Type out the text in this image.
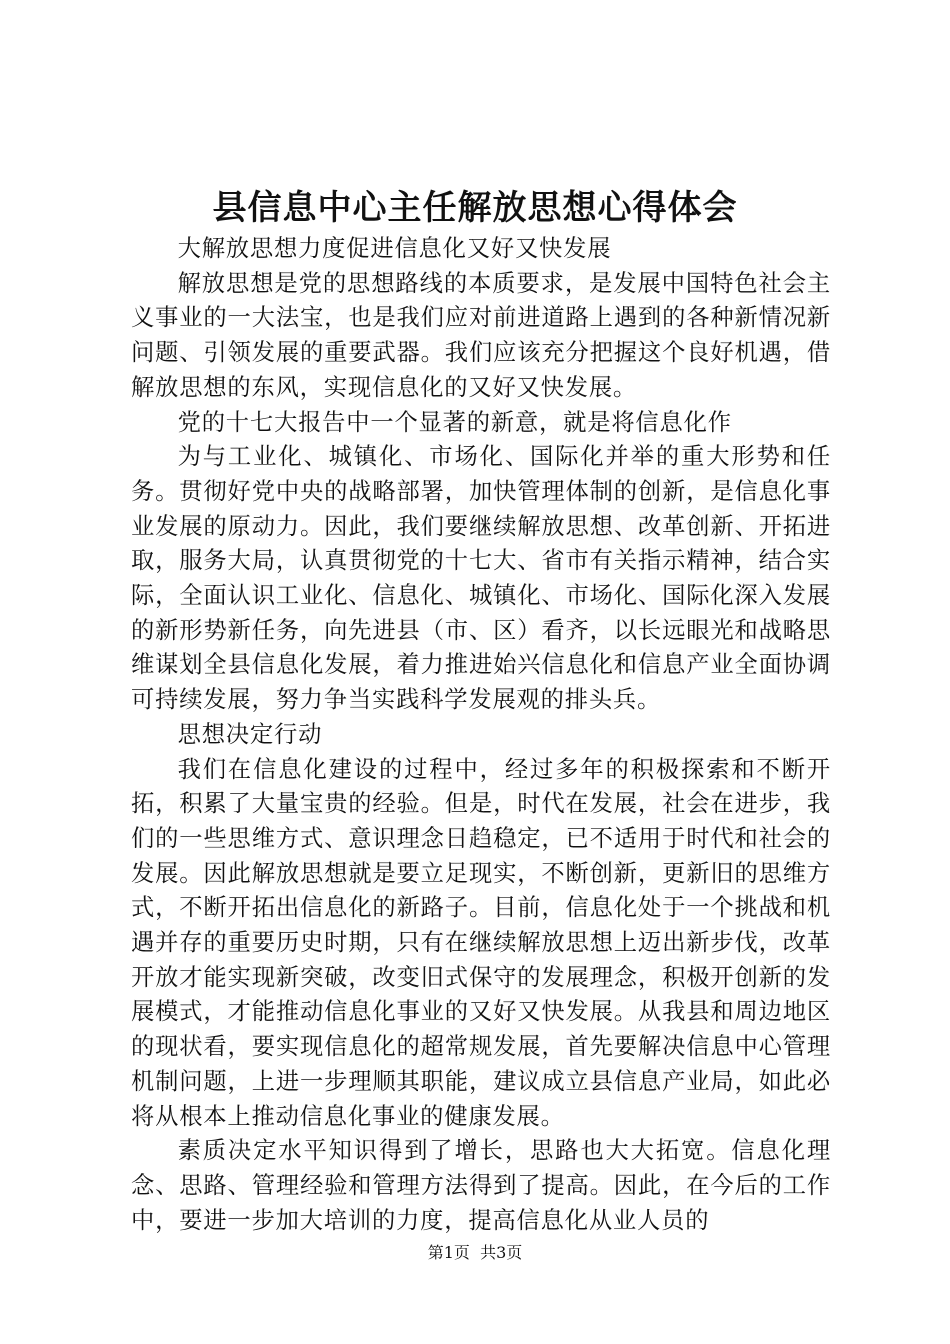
县信息中心主任解放思想心得体会

大解放思想力度促进信息化又好又快发展

解放思想是党的思想路线的本质要求，是发展中国特色社会主义事业的一大法宝，也是我们应对前进道路上遇到的各种新情况新问题、引领发展的重要武器。我们应该充分把握这个良好机遇，借解放思想的东风，实现信息化的又好又快发展。

党的十七大报告中一个显著的新意，就是将信息化作

为与工业化、城镇化、市场化、国际化并举的重大形势和任务。贯彻好党中央的战略部署，加快管理体制的创新，是信息化事业发展的原动力。因此，我们要继续解放思想、改革创新、开拓进取，服务大局，认真贯彻党的十七大、省市有关指示精神，结合实际，全面认识工业化、信息化、城镇化、市场化、国际化深入发展的新形势新任务，向先进县（市、区）看齐，以长远眼光和战略思维谋划全县信息化发展，着力推进始兴信息化和信息产业全面协调可持续发展，努力争当实践科学发展观的排头兵。

思想决定行动

我们在信息化建设的过程中，经过多年的积极探索和不断开拓，积累了大量宝贵的经验。但是，时代在发展，社会在进步，我们的一些思维方式、意识理念日趋稳定，已不适用于时代和社会的发展。因此解放思想就是要立足现实，不断创新，更新旧的思维方式，不断开拓出信息化的新路子。目前，信息化处于一个挑战和机遇并存的重要历史时期，只有在继续解放思想上迈出新步伐，改革开放才能实现新突破，改变旧式保守的发展理念，积极开创新的发展模式，才能推动信息化事业的又好又快发展。从我县和周边地区的现状看，要实现信息化的超常规发展，首先要解决信息中心管理机制问题，上进一步理顺其职能，建议成立县信息产业局，如此必将从根本上推动信息化事业的健康发展。

素质决定水平知识得到了增长，思路也大大拓宽。信息化理念、思路、管理经验和管理方法得到了提高。因此，在今后的工作中，要进一步加大培训的力度，提高信息化从业人员的

第1页 共3页
